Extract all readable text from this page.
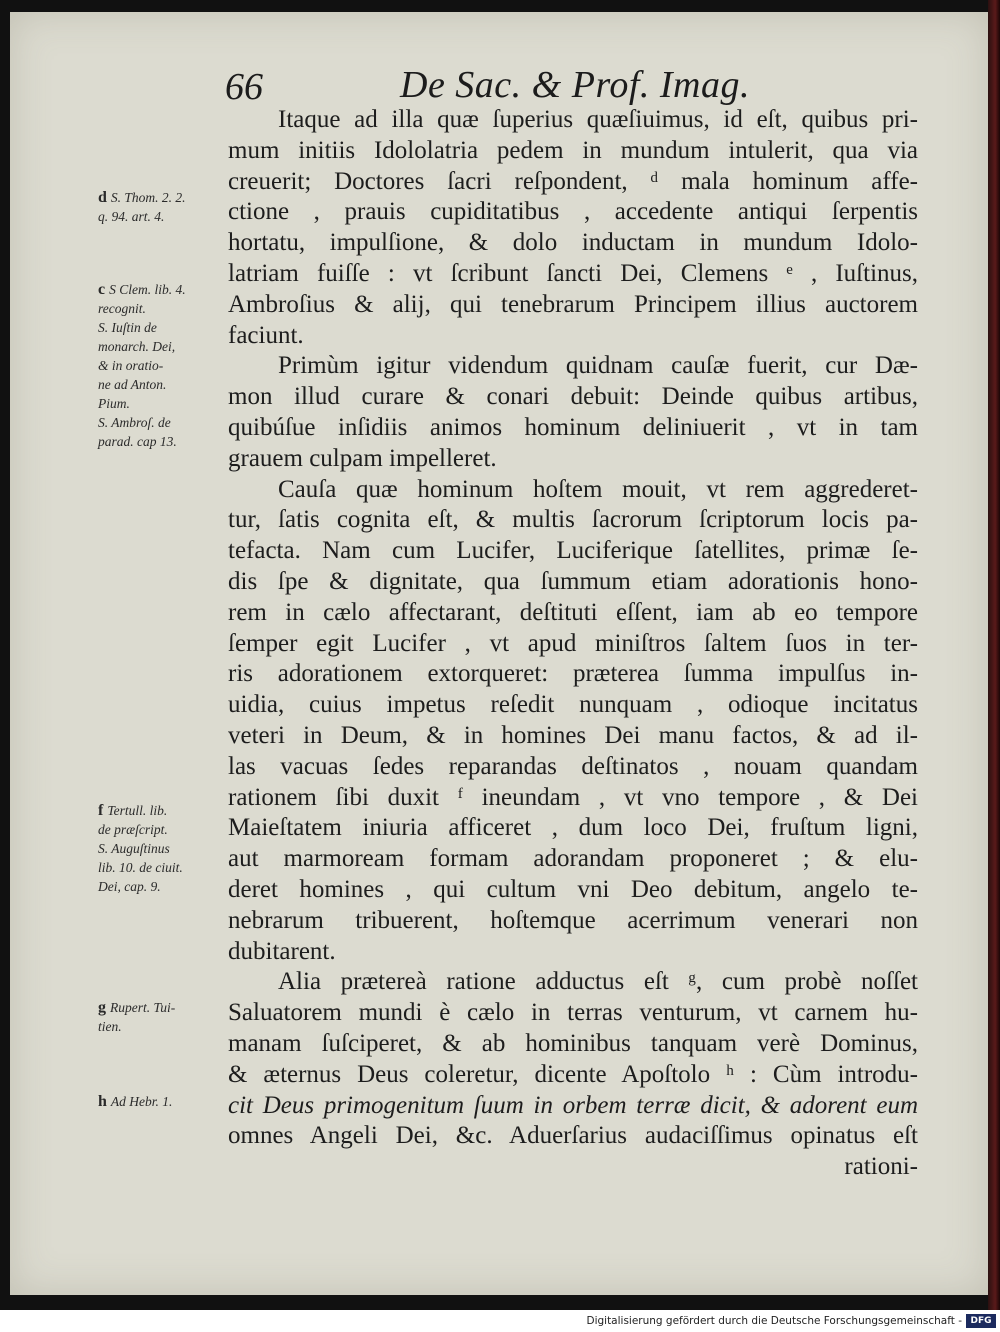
66	De Sac. & Prof. Imag.
d S. Thom. 2. 2.
q. 94. art. 4.
c S Clem. lib. 4.
recognit.
S. Iuſtin de
monarch. Dei,
& in oratio-
ne ad Anton.
Pium.
S. Ambroſ. de
parad. cap 13.
f Tertull. lib.
de præſcript.
S. Auguſtinus
lib. 10. de ciuit.
Dei, cap. 9.
g Rupert. Tui-
tien.
h Ad Hebr. 1.
Itaque ad illa quæ ſuperius quæſiuimus, id eſt, quibus pri-
mum initiis Idololatria pedem in mundum intulerit, qua via
creuerit; Doctores ſacri reſpondent, ᵈ mala hominum affe-
ctione , prauis cupiditatibus , accedente antiqui ſerpentis
hortatu, impulſione, & dolo inductam in mundum Idolo-
latriam fuiſſe : vt ſcribunt ſancti Dei, Clemens ᵉ , Iuſtinus,
Ambroſius & alij, qui tenebrarum Principem illius auctorem
faciunt.
Primùm igitur videndum quidnam cauſæ fuerit, cur Dæ-
mon illud curare & conari debuit: Deinde quibus artibus,
quibúſue inſidiis animos hominum deliniuerit , vt in tam
grauem culpam impelleret.
Cauſa quæ hominum hoſtem mouit, vt rem aggrederet-
tur, ſatis cognita eſt, & multis ſacrorum ſcriptorum locis pa-
tefacta. Nam cum Lucifer, Luciferique ſatellites, primæ ſe-
dis ſpe & dignitate, qua ſummum etiam adorationis hono-
rem in cælo affectarant, deſtituti eſſent, iam ab eo tempore
ſemper egit Lucifer , vt apud miniſtros ſaltem ſuos in ter-
ris adorationem extorqueret: præterea ſumma impulſus in-
uidia, cuius impetus reſedit nunquam , odioque incitatus
veteri in Deum, & in homines Dei manu factos, & ad il-
las vacuas ſedes reparandas deſtinatos , nouam quandam
rationem ſibi duxit ᶠ ineundam , vt vno tempore , & Dei
Maieſtatem iniuria afficeret , dum loco Dei, fruſtum ligni,
aut marmoream formam adorandam proponeret ; & elu-
deret homines , qui cultum vni Deo debitum, angelo te-
nebrarum tribuerent, hoſtemque acerrimum venerari non
dubitarent.
Alia prætereà ratione adductus eſt ᵍ, cum probè noſſet
Saluatorem mundi è cælo in terras venturum, vt carnem hu-
manam ſuſciperet, & ab hominibus tanquam verè Dominus,
& æternus Deus coleretur, dicente Apoſtolo ʰ : Cùm introdu-
cit Deus primogenitum ſuum in orbem terræ dicit, & adorent eum
omnes Angeli Dei, &c. Aduerſarius audaciſſimus opinatus eſt
rationi-
Digitalisierung gefördert durch die Deutsche Forschungsgemeinschaft - DFG
